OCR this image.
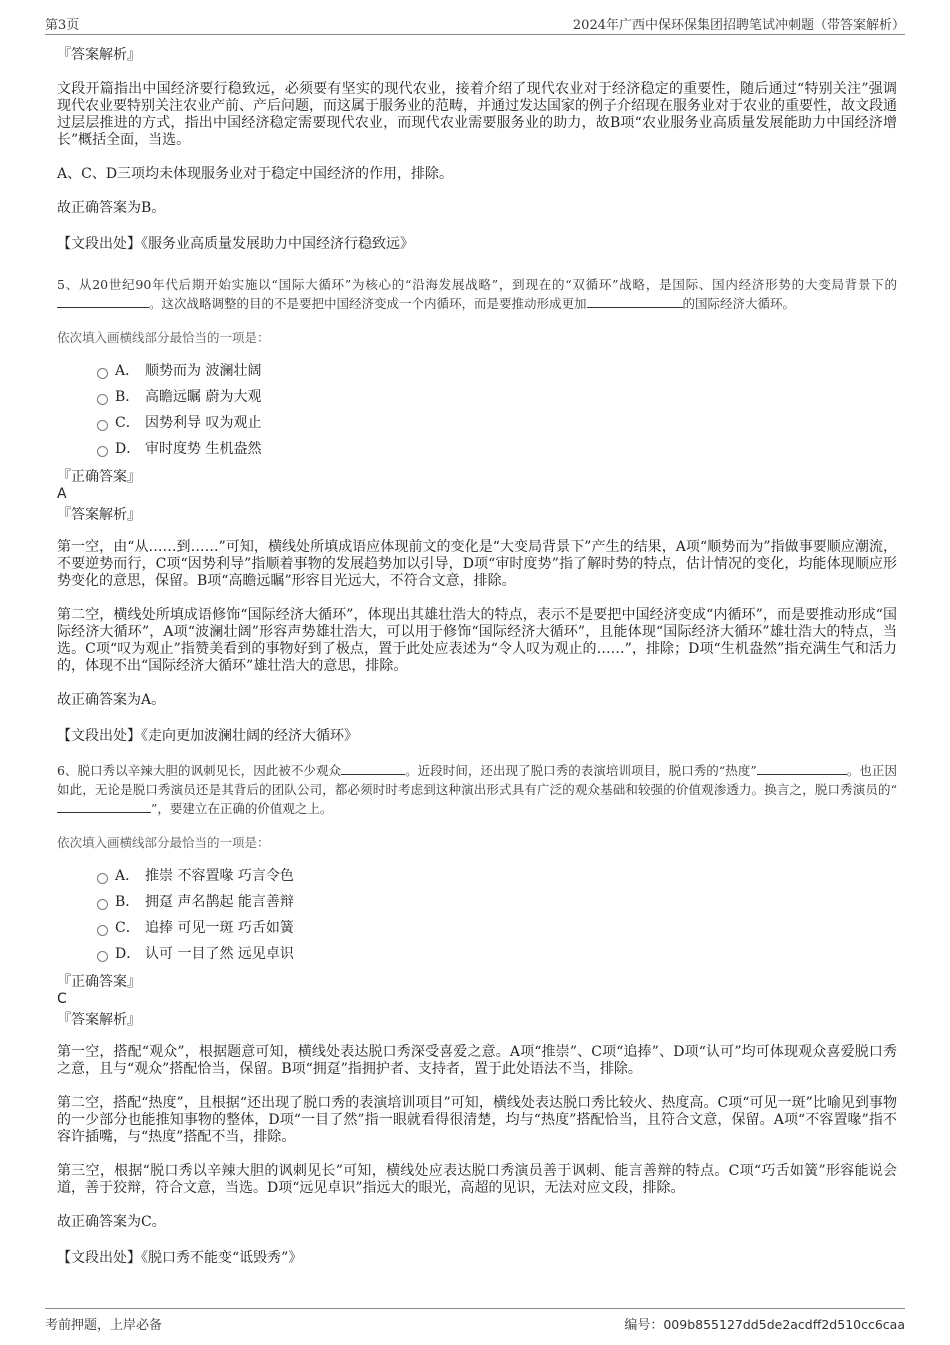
第3页	2024年广西中保环保集团招聘笔试冲刺题（带答案解析）

『答案解析』

文段开篇指出中国经济要行稳致远，必须要有坚实的现代农业，接着介绍了现代农业对于经济稳定的重要性，随后通过“特别关注”强调现代农业要特别关注农业产前、产后问题，而这属于服务业的范畴，并通过发达国家的例子介绍现在服务业对于农业的重要性，故文段通过层层推进的方式，指出中国经济稳定需要现代农业，而现代农业需要服务业的助力，故B项“农业服务业高质量发展能助力中国经济增长”概括全面，当选。

A、C、D三项均未体现服务业对于稳定中国经济的作用，排除。

故正确答案为B。

【文段出处】《服务业高质量发展助力中国经济行稳致远》

5、从20世纪90年代后期开始实施以“国际大循环”为核心的“沿海发展战略”，到现在的“双循环”战略，是国际、国内经济形势的大变局背景下的。这次战略调整的目的不是要把中国经济变成一个内循环，而是要推动形成更加	的国际经济大循环。

依次填入画横线部分最恰当的一项是：

A． 顺势而为 波澜壮阔
B． 高瞻远瞩 蔚为大观
C． 因势利导 叹为观止
D． 审时度势 生机盎然

『正确答案』

A

『答案解析』

第一空，由“从……到……”可知，横线处所填成语应体现前文的变化是“大变局背景下”产生的结果，A项“顺势而为”指做事要顺应潮流，不要逆势而行，C项“因势利导”指顺着事物的发展趋势加以引导，D项“审时度势”指了解时势的特点，估计情况的变化，均能体现顺应形势变化的意思，保留。B项“高瞻远瞩”形容目光远大，不符合文意，排除。

第二空，横线处所填成语修饰“国际经济大循环”，体现出其雄壮浩大的特点，表示不是要把中国经济变成“内循环”，而是要推动形成“国际经济大循环”，A项“波澜壮阔”形容声势雄壮浩大，可以用于修饰“国际经济大循环”，且能体现“国际经济大循环”雄壮浩大的特点，当选。C项“叹为观止”指赞美看到的事物好到了极点，置于此处应表述为“令人叹为观止的……”，排除；D项“生机盎然”指充满生气和活力的，体现不出“国际经济大循环”雄壮浩大的意思，排除。

故正确答案为A。

【文段出处】《走向更加波澜壮阔的经济大循环》

6、脱口秀以辛辣大胆的讽刺见长，因此被不少观众	。近段时间，还出现了脱口秀的表演培训项目，脱口秀的“热度”	。也正因如此，无论是脱口秀演员还是其背后的团队公司，都必须时时考虑到这种演出形式具有广泛的观众基础和较强的价值观渗透力。换言之，脱口秀演员的“”，要建立在正确的价值观之上。

依次填入画横线部分最恰当的一项是：

A． 推崇 不容置喙 巧言令色
B． 拥趸 声名鹊起 能言善辩
C． 追捧 可见一斑 巧舌如簧
D． 认可 一目了然 远见卓识

『正确答案』

C

『答案解析』

第一空，搭配“观众”，根据题意可知，横线处表达脱口秀深受喜爱之意。A项“推崇”、C项“追捧”、D项“认可”均可体现观众喜爱脱口秀之意，且与“观众”搭配恰当，保留。B项“拥趸”指拥护者、支持者，置于此处语法不当，排除。

第二空，搭配“热度”，且根据“还出现了脱口秀的表演培训项目”可知，横线处表达脱口秀比较火、热度高。C项“可见一斑”比喻见到事物的一少部分也能推知事物的整体，D项“一目了然”指一眼就看得很清楚，均与“热度”搭配恰当，且符合文意，保留。A项“不容置喙”指不容许插嘴，与“热度”搭配不当，排除。

第三空，根据“脱口秀以辛辣大胆的讽刺见长”可知，横线处应表达脱口秀演员善于讽刺、能言善辩的特点。C项“巧舌如簧”形容能说会道，善于狡辩，符合文意，当选。D项“远见卓识”指远大的眼光，高超的见识，无法对应文段，排除。

故正确答案为C。

【文段出处】《脱口秀不能变“诋毁秀”》

考前押题，上岸必备	编号：009b855127dd5de2acdff2d510cc6caa
